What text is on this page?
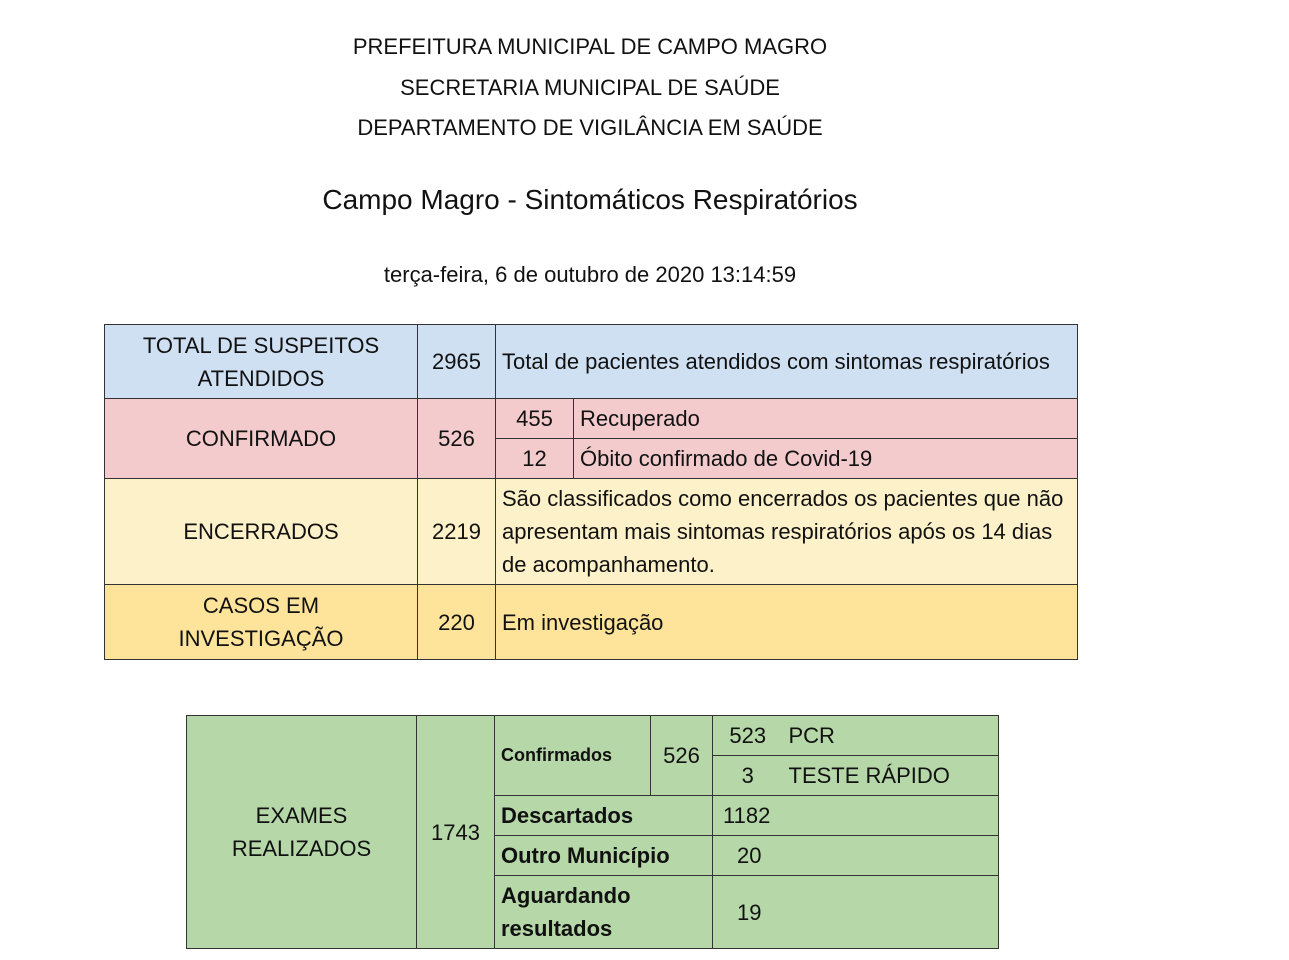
PREFEITURA MUNICIPAL DE CAMPO MAGRO
SECRETARIA MUNICIPAL DE SAÚDE
DEPARTAMENTO DE VIGILÂNCIA EM SAÚDE
Campo Magro - Sintomáticos Respiratórios
terça-feira, 6 de outubro de 2020 13:14:59
TOTAL DE SUSPEITOS ATENDIDOS	2965	Total de pacientes atendidos com sintomas respiratórios	
CONFIRMADO	526	455	Recuperado
		12	Óbito confirmado de Covid-19
ENCERRADOS	2219	São classificados como encerrados os pacientes que não apresentam mais sintomas respiratórios após os 14 dias de acompanhamento.	
CASOS EM INVESTIGAÇÃO	220	Em investigação	
EXAMES REALIZADOS	1743	Confirmados	526	523	PCR
				3	TESTE RÁPIDO
		Descartados		1182	
		Outro Município		20	
		Aguardando resultados		19	
